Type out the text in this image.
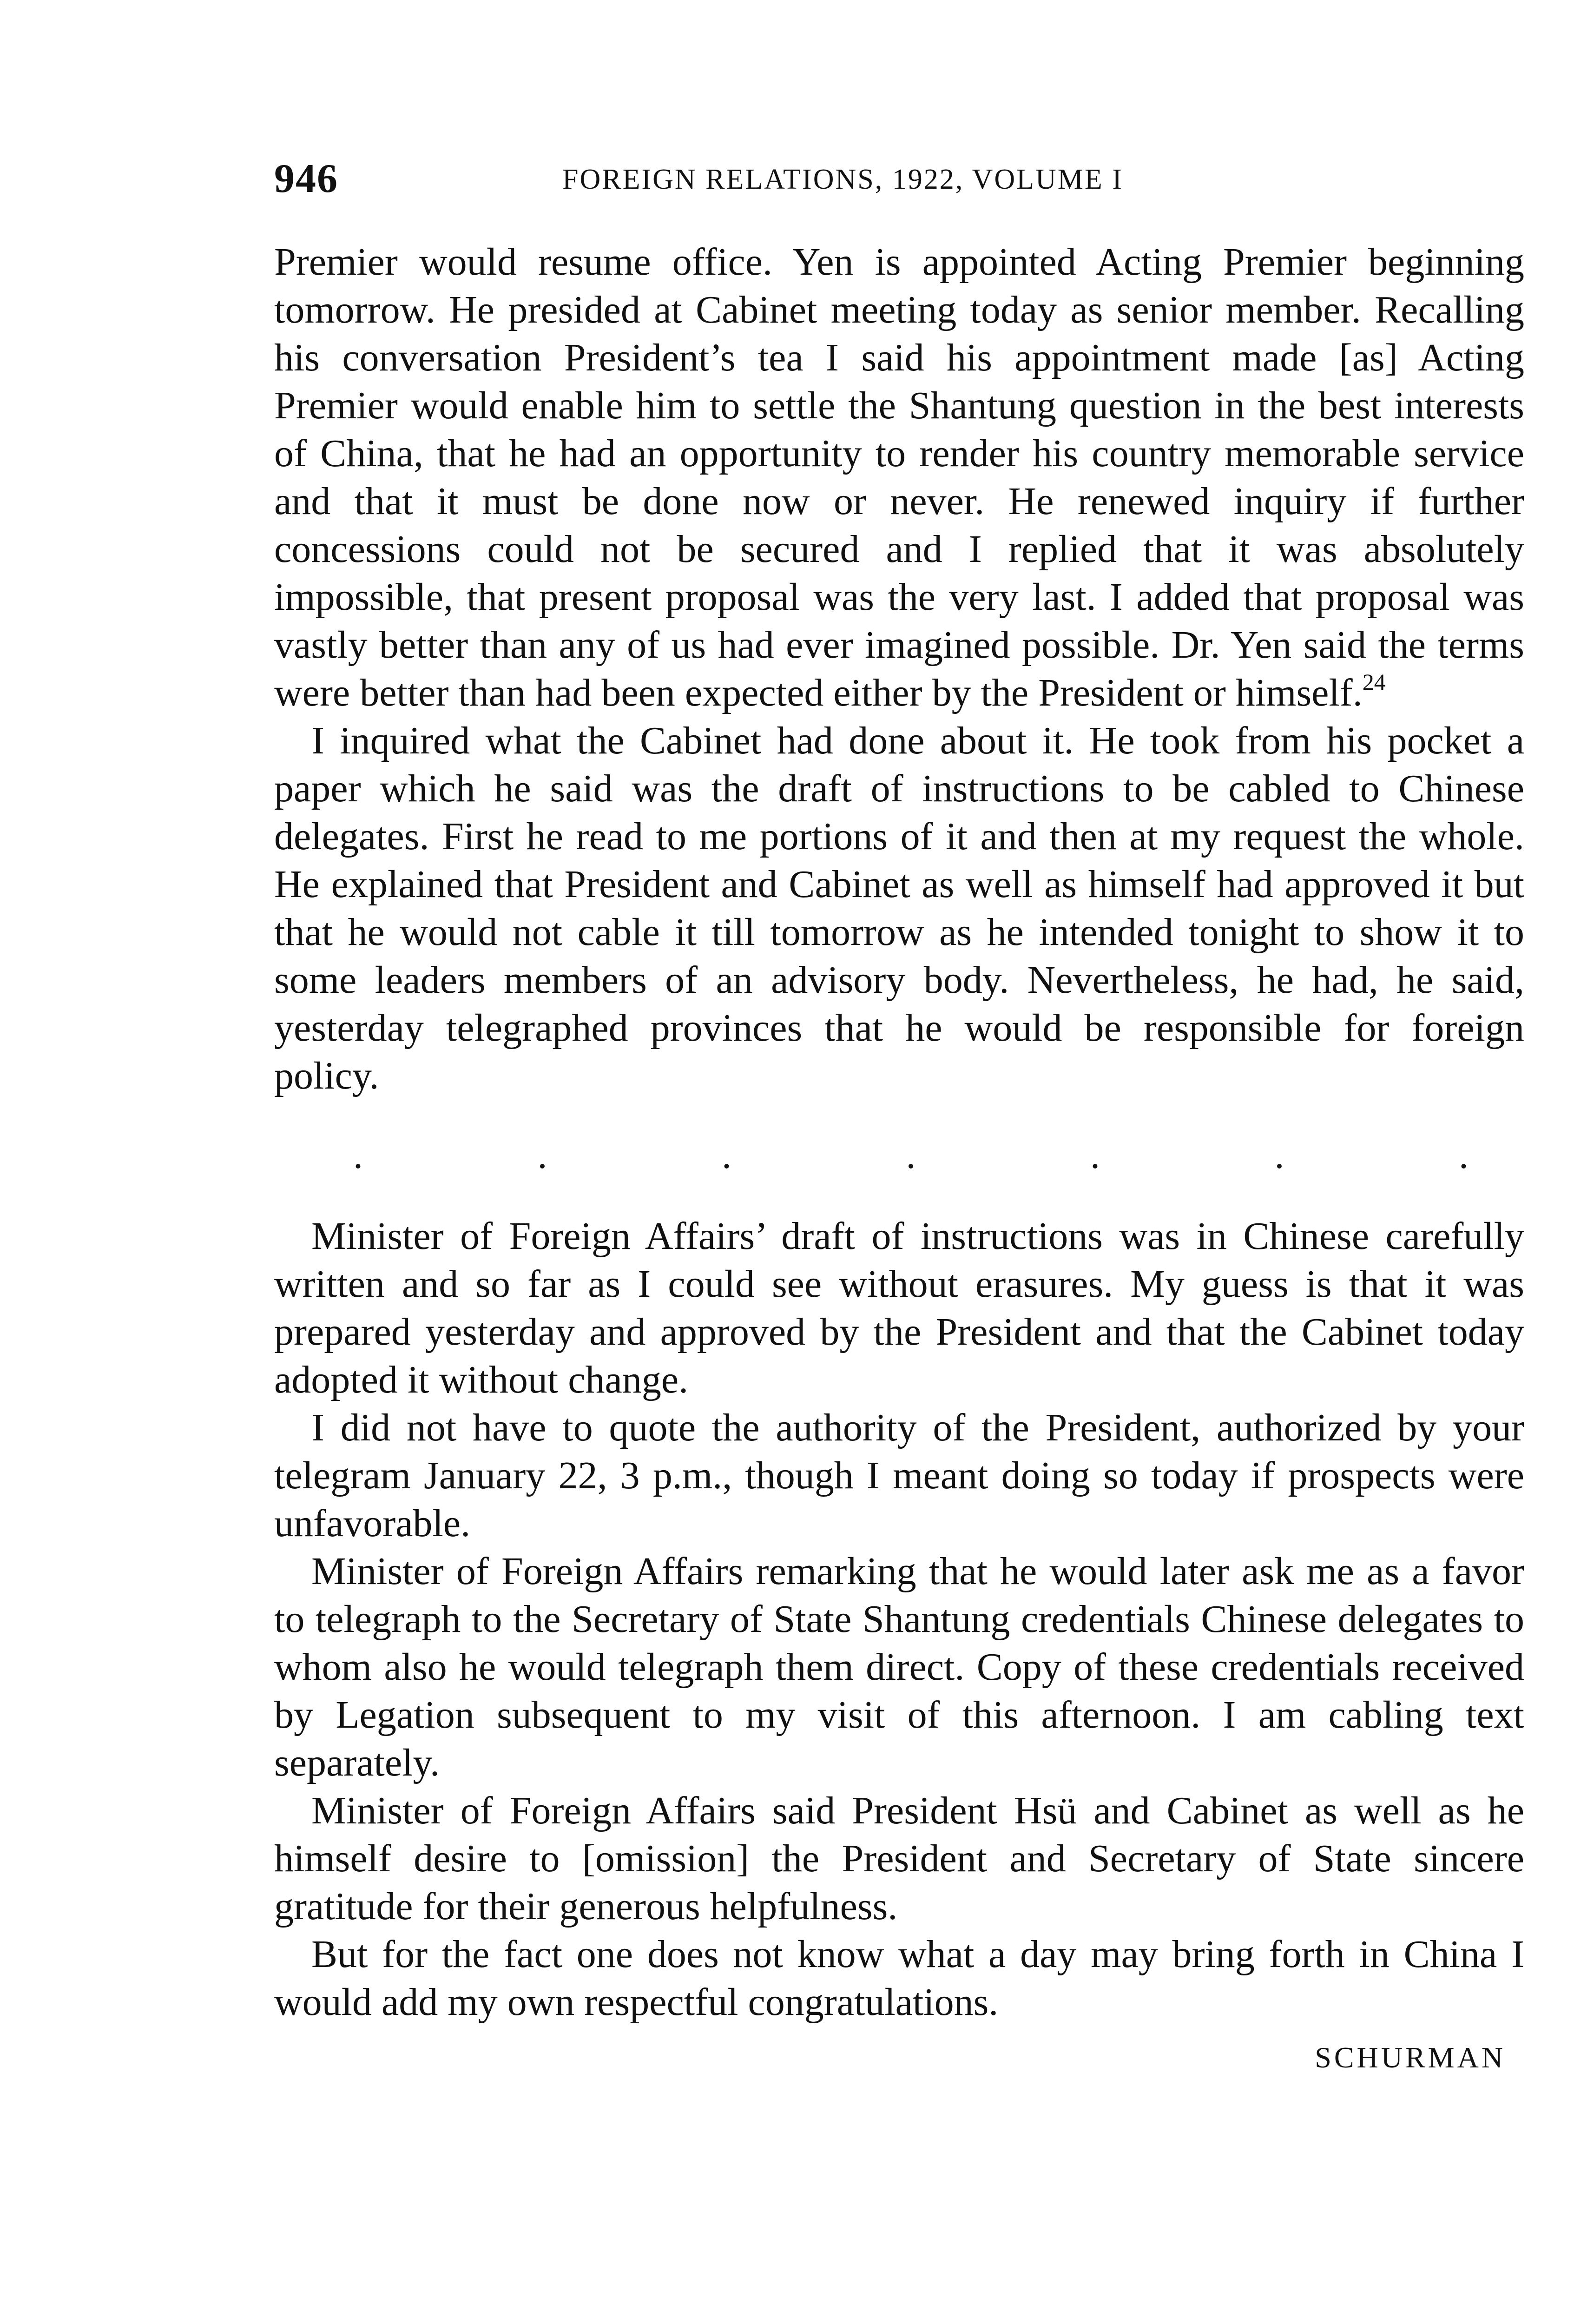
946	FOREIGN RELATIONS, 1922, VOLUME I

Premier would resume office. Yen is appointed Acting Premier beginning tomorrow. He presided at Cabinet meeting today as senior member. Recalling his conversation President’s tea I said his appointment made [as] Acting Premier would enable him to settle the Shantung question in the best interests of China, that he had an opportunity to render his country memorable service and that it must be done now or never. He renewed inquiry if further concessions could not be secured and I replied that it was absolutely impossible, that present proposal was the very last. I added that proposal was vastly better than any of us had ever imagined possible. Dr. Yen said the terms were better than had been expected either by the President or himself.$^{24}$

I inquired what the Cabinet had done about it. He took from his pocket a paper which he said was the draft of instructions to be cabled to Chinese delegates. First he read to me portions of it and then at my request the whole. He explained that President and Cabinet as well as himself had approved it but that he would not cable it till tomorrow as he intended tonight to show it to some leaders members of an advisory body. Nevertheless, he had, he said, yesterday telegraphed provinces that he would be responsible for foreign policy.

.	.	.	.	.	.	.

Minister of Foreign Affairs’ draft of instructions was in Chinese carefully written and so far as I could see without erasures. My guess is that it was prepared yesterday and approved by the President and that the Cabinet today adopted it without change.

I did not have to quote the authority of the President, authorized by your telegram January 22, 3 p.m., though I meant doing so today if prospects were unfavorable.

Minister of Foreign Affairs remarking that he would later ask me as a favor to telegraph to the Secretary of State Shantung credentials Chinese delegates to whom also he would telegraph them direct. Copy of these credentials received by Legation subsequent to my visit of this afternoon. I am cabling text separately.

Minister of Foreign Affairs said President Hsü and Cabinet as well as he himself desire to [omission] the President and Secretary of State sincere gratitude for their generous helpfulness.

But for the fact one does not know what a day may bring forth in China I would add my own respectful congratulations.

SCHURMAN
